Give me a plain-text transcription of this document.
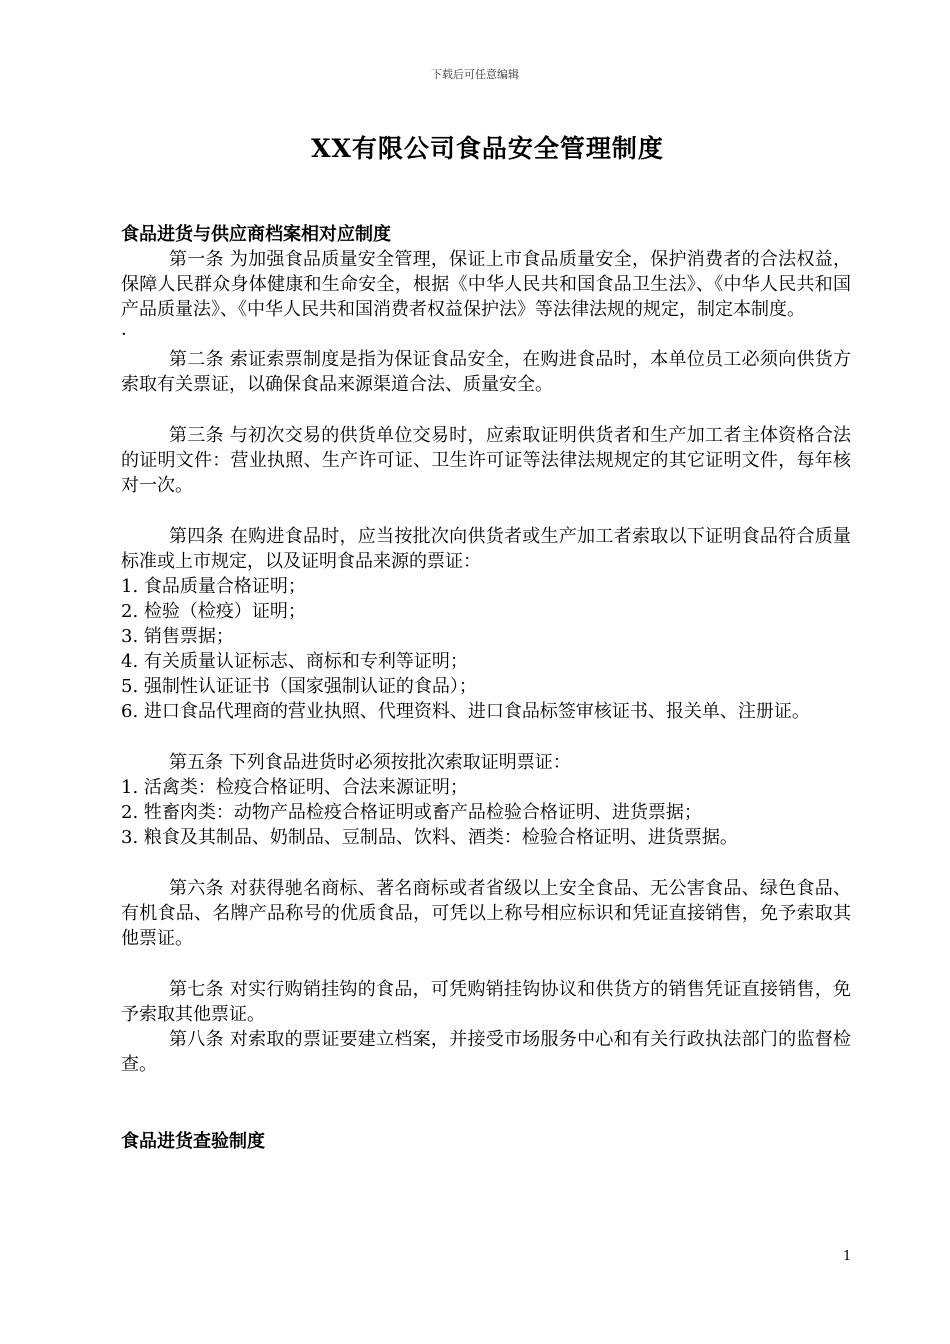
下载后可任意编辑
XX有限公司食品安全管理制度

食品进货与供应商档案相对应制度

第一条 为加强食品质量安全管理，保证上市食品质量安全，保护消费者的合法权益，保障人民群众身体健康和生命安全，根据《中华人民共和国食品卫生法》、《中华人民共和国产品质量法》、《中华人民共和国消费者权益保护法》等法律法规的规定，制定本制度。

·

第二条 索证索票制度是指为保证食品安全，在购进食品时，本单位员工必须向供货方索取有关票证，以确保食品来源渠道合法、质量安全。

第三条 与初次交易的供货单位交易时，应索取证明供货者和生产加工者主体资格合法的证明文件：营业执照、生产许可证、卫生许可证等法律法规规定的其它证明文件，每年核对一次。

第四条 在购进食品时，应当按批次向供货者或生产加工者索取以下证明食品符合质量标准或上市规定，以及证明食品来源的票证：

1. 食品质量合格证明；

2. 检验（检疫）证明；

3. 销售票据；

4. 有关质量认证标志、商标和专利等证明；

5. 强制性认证证书（国家强制认证的食品）；

6. 进口食品代理商的营业执照、代理资料、进口食品标签审核证书、报关单、注册证。

第五条 下列食品进货时必须按批次索取证明票证：

1. 活禽类：检疫合格证明、合法来源证明；

2. 牲畜肉类：动物产品检疫合格证明或畜产品检验合格证明、进货票据；

3. 粮食及其制品、奶制品、豆制品、饮料、酒类：检验合格证明、进货票据。

第六条 对获得驰名商标、著名商标或者省级以上安全食品、无公害食品、绿色食品、有机食品、名牌产品称号的优质食品，可凭以上称号相应标识和凭证直接销售，免予索取其他票证。

第七条 对实行购销挂钩的食品，可凭购销挂钩协议和供货方的销售凭证直接销售，免予索取其他票证。

第八条 对索取的票证要建立档案，并接受市场服务中心和有关行政执法部门的监督检查。

食品进货查验制度

1
